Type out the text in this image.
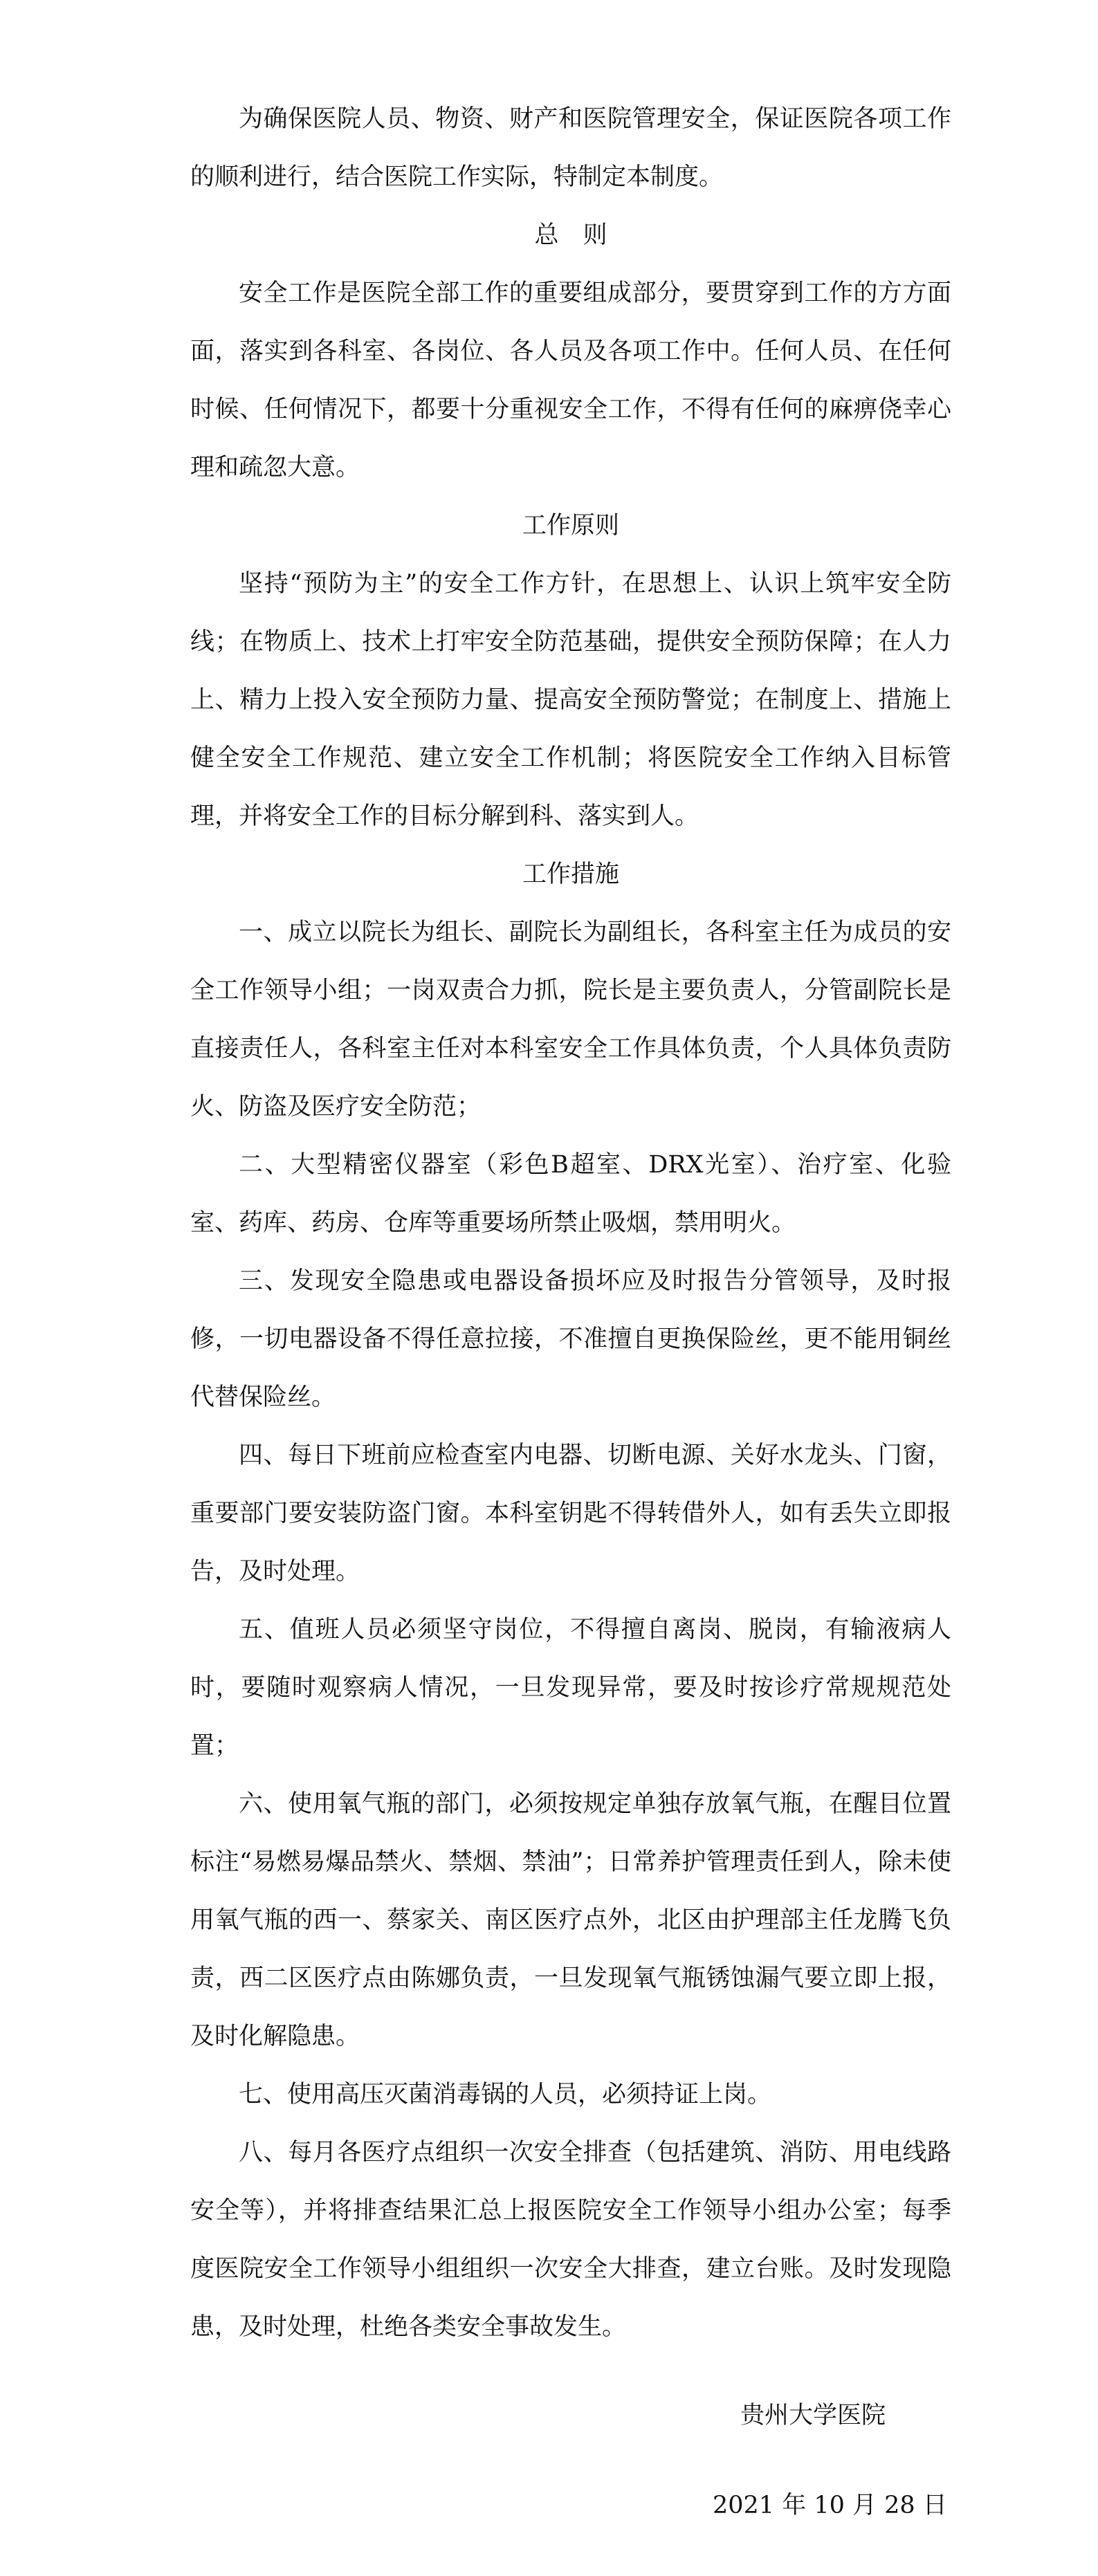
为确保医院人员、物资、财产和医院管理安全，保证医院各项工作的顺利进行，结合医院工作实际，特制定本制度。

总　则

安全工作是医院全部工作的重要组成部分，要贯穿到工作的方方面面，落实到各科室、各岗位、各人员及各项工作中。任何人员、在任何时候、任何情况下，都要十分重视安全工作，不得有任何的麻痹侥幸心理和疏忽大意。

工作原则

坚持“预防为主”的安全工作方针，在思想上、认识上筑牢安全防线；在物质上、技术上打牢安全防范基础，提供安全预防保障；在人力上、精力上投入安全预防力量、提高安全预防警觉；在制度上、措施上健全安全工作规范、建立安全工作机制；将医院安全工作纳入目标管理，并将安全工作的目标分解到科、落实到人。

工作措施

一、成立以院长为组长、副院长为副组长，各科室主任为成员的安全工作领导小组；一岗双责合力抓，院长是主要负责人，分管副院长是直接责任人，各科室主任对本科室安全工作具体负责，个人具体负责防火、防盗及医疗安全防范；

二、大型精密仪器室（彩色B超室、DRX光室）、治疗室、化验室、药库、药房、仓库等重要场所禁止吸烟，禁用明火。

三、发现安全隐患或电器设备损坏应及时报告分管领导，及时报修，一切电器设备不得任意拉接，不准擅自更换保险丝，更不能用铜丝代替保险丝。

四、每日下班前应检查室内电器、切断电源、关好水龙头、门窗，重要部门要安装防盗门窗。本科室钥匙不得转借外人，如有丢失立即报告，及时处理。

五、值班人员必须坚守岗位，不得擅自离岗、脱岗，有输液病人时，要随时观察病人情况，一旦发现异常，要及时按诊疗常规规范处置；

六、使用氧气瓶的部门，必须按规定单独存放氧气瓶，在醒目位置标注“易燃易爆品禁火、禁烟、禁油”；日常养护管理责任到人，除未使用氧气瓶的西一、蔡家关、南区医疗点外，北区由护理部主任龙腾飞负责，西二区医疗点由陈娜负责，一旦发现氧气瓶锈蚀漏气要立即上报，及时化解隐患。

七、使用高压灭菌消毒锅的人员，必须持证上岗。

八、每月各医疗点组织一次安全排查（包括建筑、消防、用电线路安全等），并将排查结果汇总上报医院安全工作领导小组办公室；每季度医院安全工作领导小组组织一次安全大排查，建立台账。及时发现隐患，及时处理，杜绝各类安全事故发生。

贵州大学医院

2021 年 10 月 28 日
